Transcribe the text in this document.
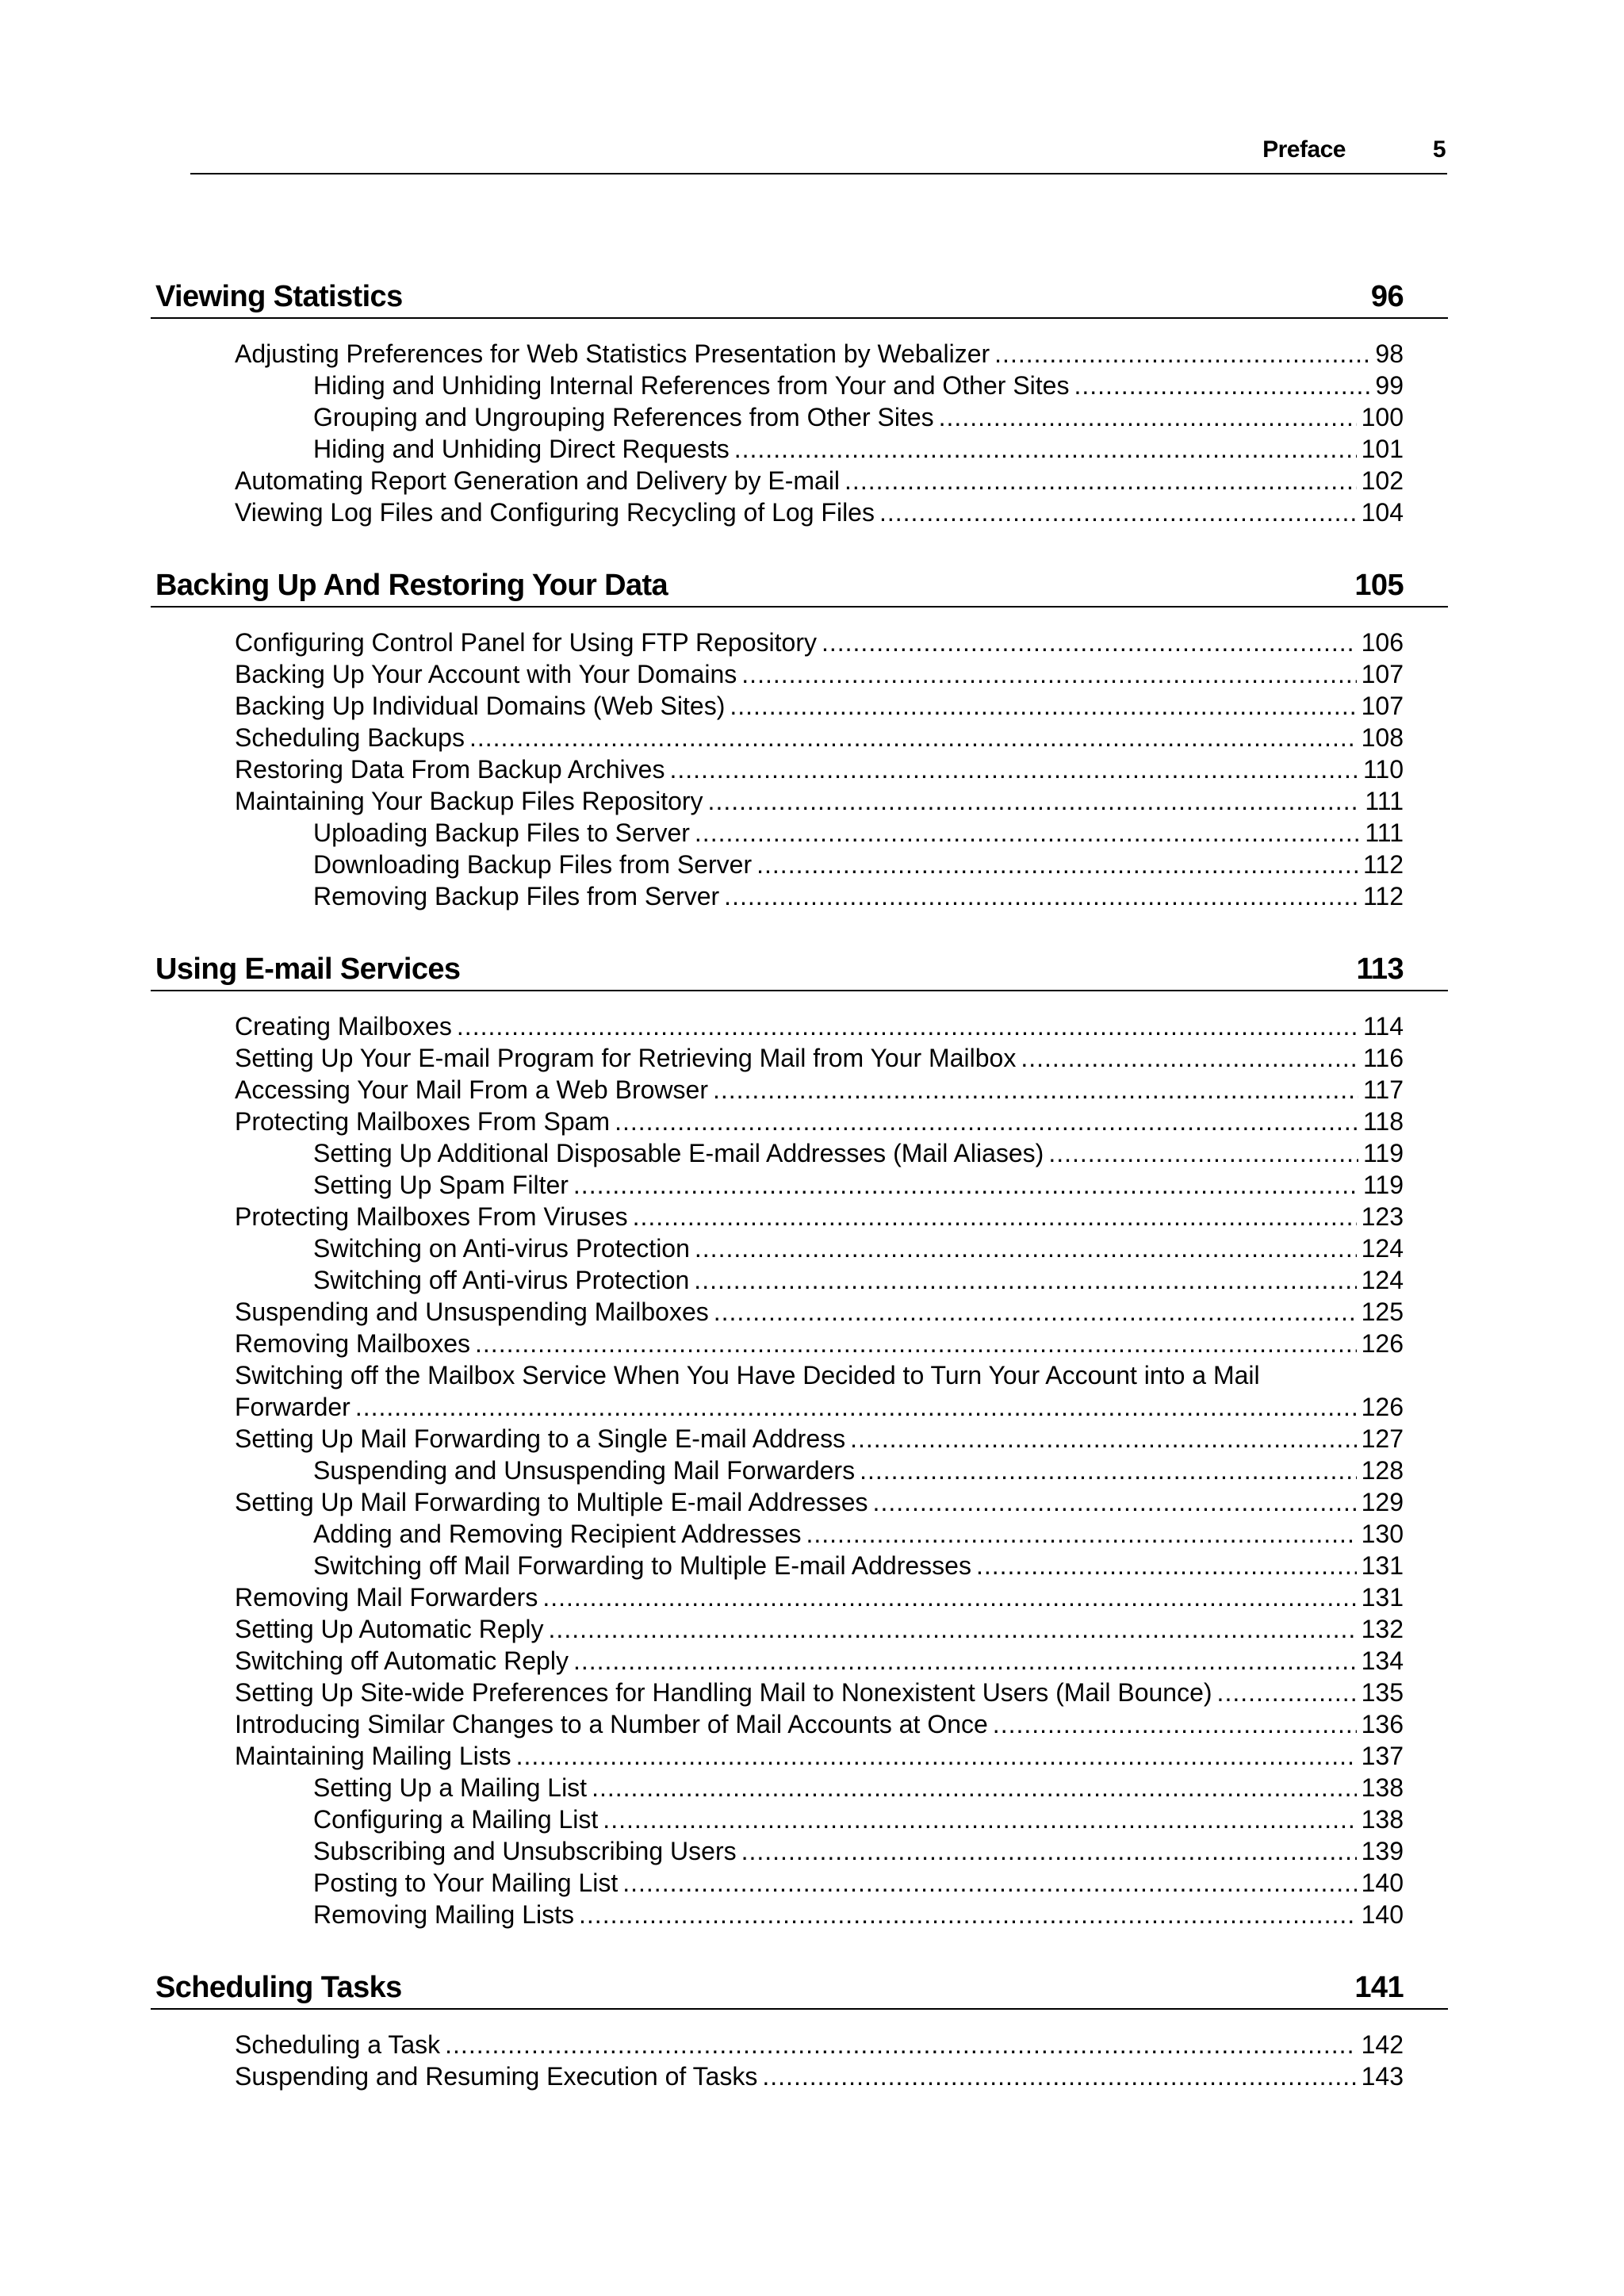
Preface	5
Viewing Statistics	96
Adjusting Preferences for Web Statistics Presentation by Webalizer .....	98
Hiding and Unhiding Internal References from Your and Other Sites .....	99
Grouping and Ungrouping References from Other Sites .....	100
Hiding and Unhiding Direct Requests .....	101
Automating Report Generation and Delivery by E-mail .....	102
Viewing Log Files and Configuring Recycling of Log Files .....	104
Backing Up And Restoring Your Data	105
Configuring Control Panel for Using FTP Repository .....	106
Backing Up Your Account with Your Domains .....	107
Backing Up Individual Domains (Web Sites) .....	107
Scheduling Backups .....	108
Restoring Data From Backup Archives .....	110
Maintaining Your Backup Files Repository .....	111
Uploading Backup Files to Server .....	111
Downloading Backup Files from Server .....	112
Removing Backup Files from Server .....	112
Using E-mail Services	113
Creating Mailboxes .....	114
Setting Up Your E-mail Program for Retrieving Mail from Your Mailbox .....	116
Accessing Your Mail From a Web Browser .....	117
Protecting Mailboxes From Spam .....	118
Setting Up Additional Disposable E-mail Addresses (Mail Aliases) .....	119
Setting Up Spam Filter .....	119
Protecting Mailboxes From Viruses .....	123
Switching on Anti-virus Protection .....	124
Switching off Anti-virus Protection .....	124
Suspending and Unsuspending Mailboxes .....	125
Removing Mailboxes .....	126
Switching off the Mailbox Service When You Have Decided to Turn Your Account into a Mail
Forwarder .....	126
Setting Up Mail Forwarding to a Single E-mail Address .....	127
Suspending and Unsuspending Mail Forwarders .....	128
Setting Up Mail Forwarding to Multiple E-mail Addresses .....	129
Adding and Removing Recipient Addresses .....	130
Switching off Mail Forwarding to Multiple E-mail Addresses .....	131
Removing Mail Forwarders .....	131
Setting Up Automatic Reply .....	132
Switching off Automatic Reply .....	134
Setting Up Site-wide Preferences for Handling Mail to Nonexistent Users (Mail Bounce) .....	135
Introducing Similar Changes to a Number of Mail Accounts at Once .....	136
Maintaining Mailing Lists .....	137
Setting Up a Mailing List .....	138
Configuring a Mailing List .....	138
Subscribing and Unsubscribing Users .....	139
Posting to Your Mailing List .....	140
Removing Mailing Lists .....	140
Scheduling Tasks	141
Scheduling a Task .....	142
Suspending and Resuming Execution of Tasks .....	143
